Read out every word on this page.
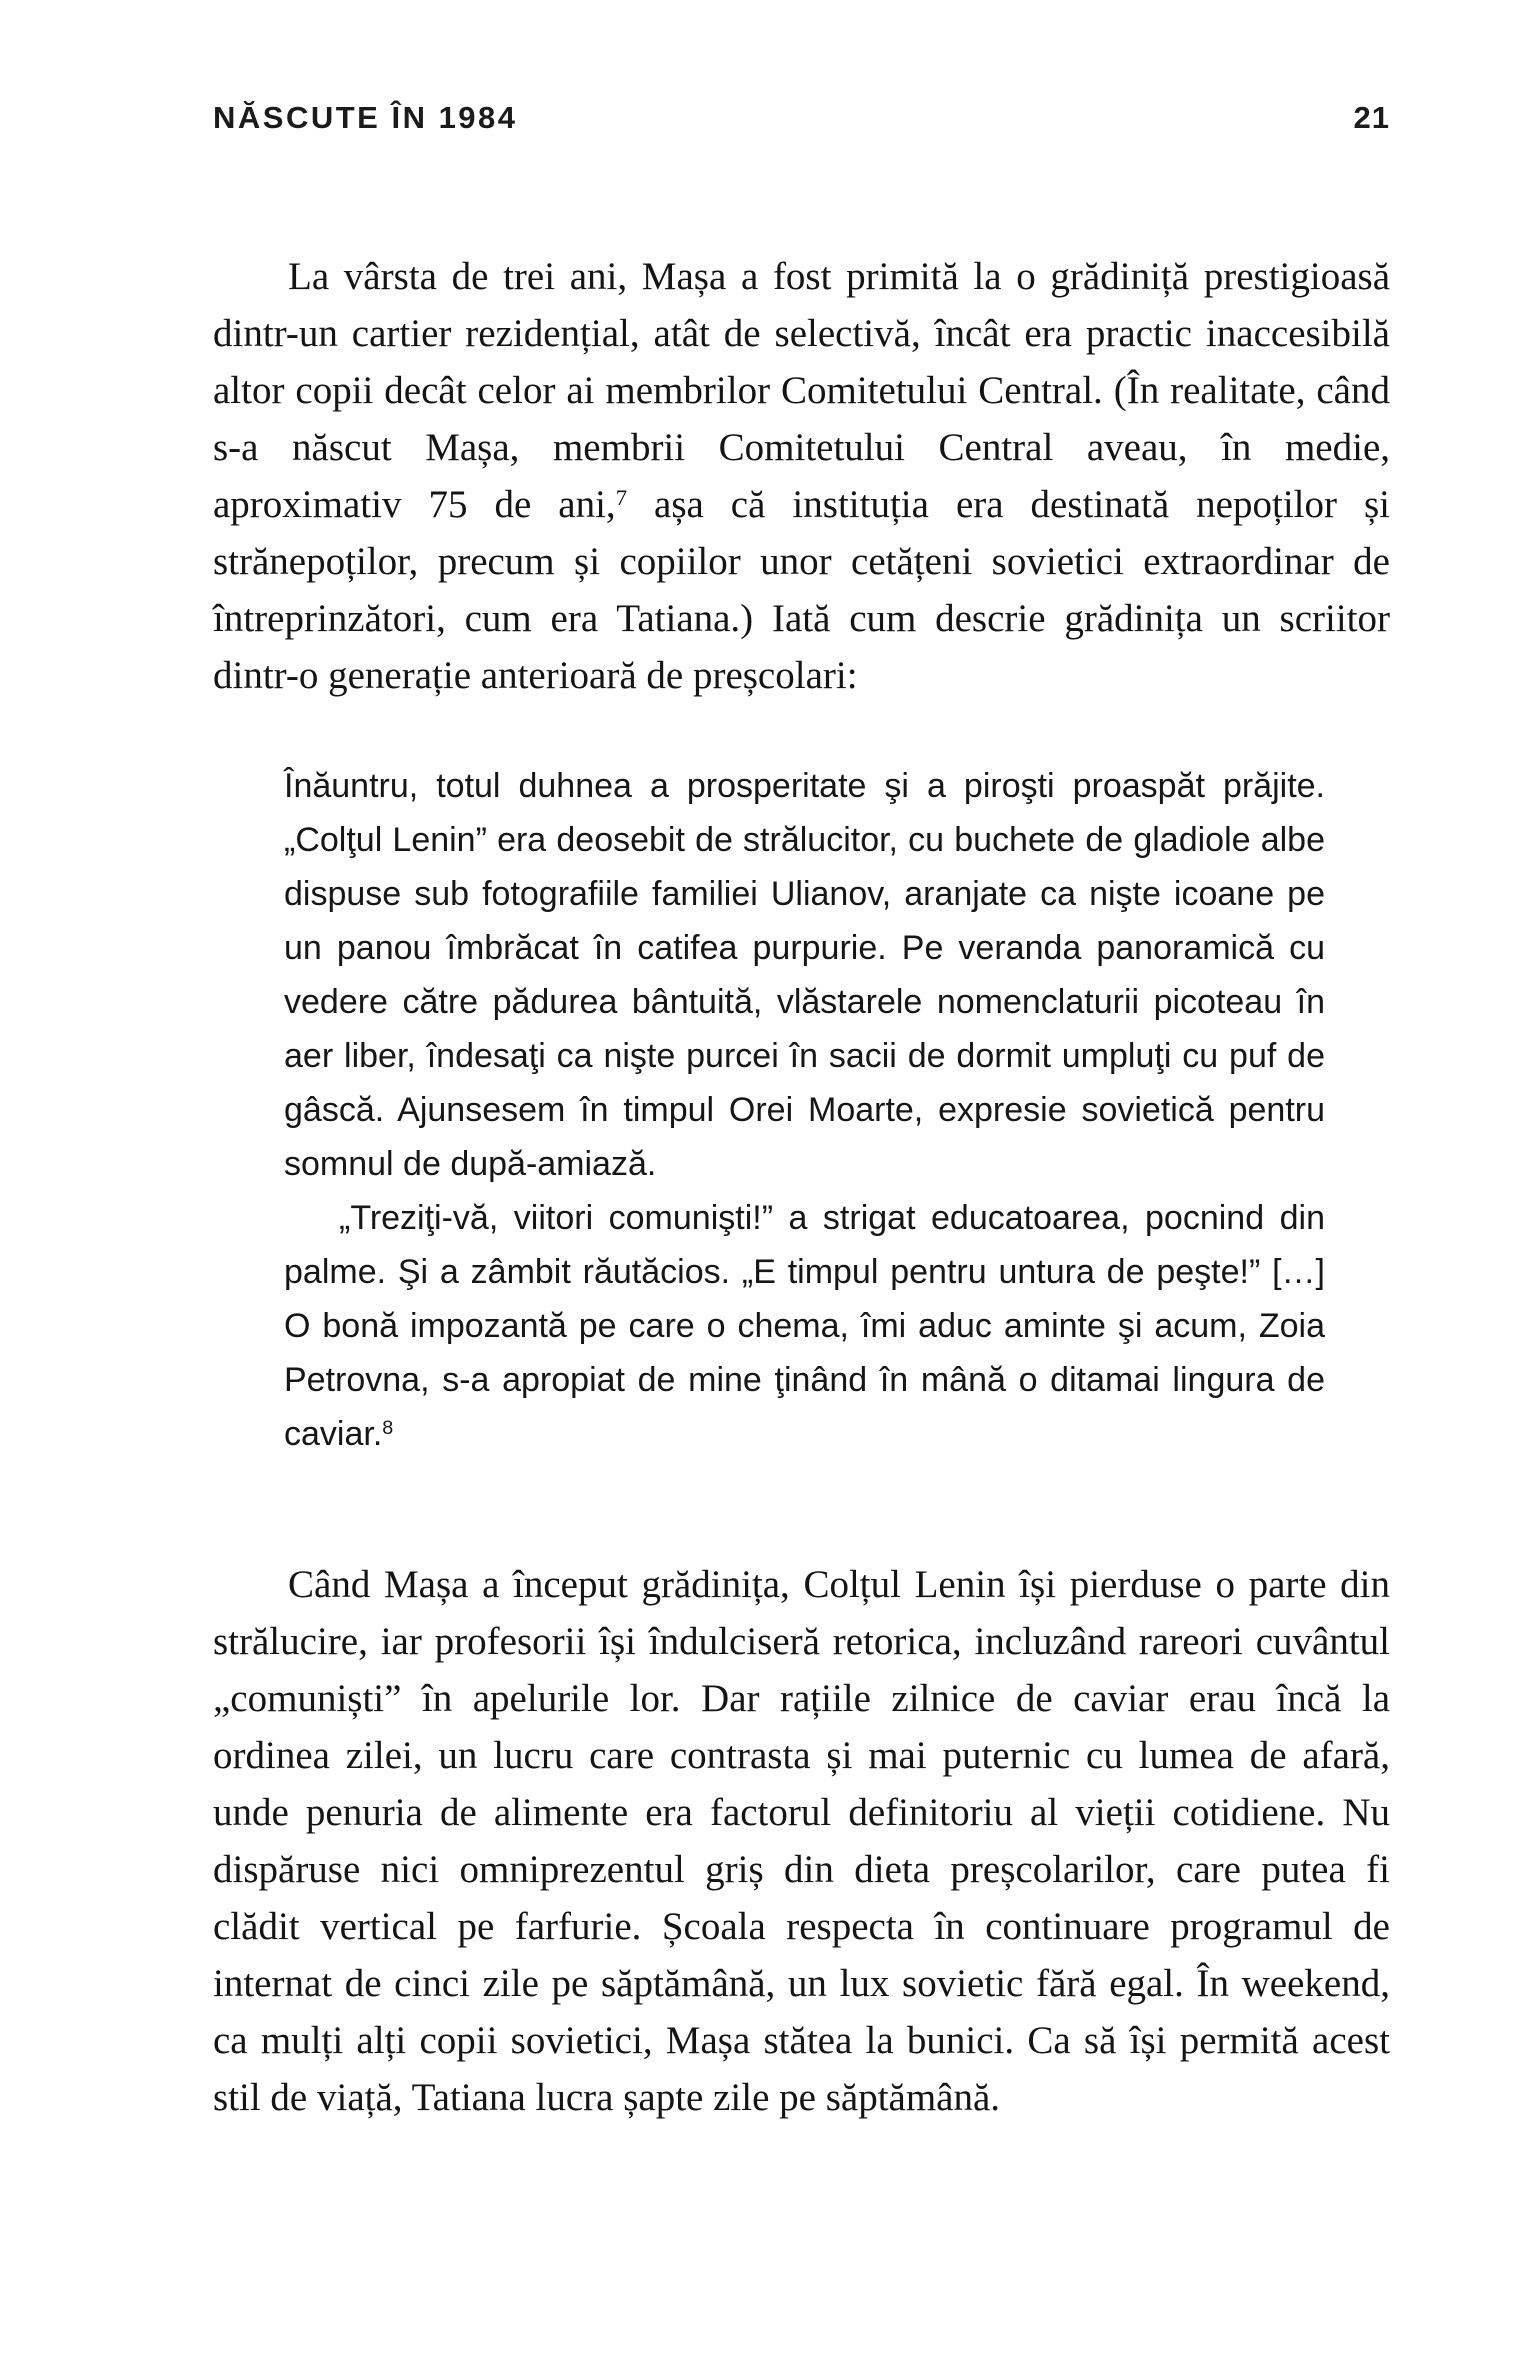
NĂSCUTE ÎN 1984	21

La vârsta de trei ani, Mașa a fost primită la o grădiniță prestigioasă dintr-un cartier rezidențial, atât de selectivă, încât era practic inaccesibilă altor copii decât celor ai membrilor Comitetului Central. (În realitate, când s-a născut Mașa, membrii Comitetului Central aveau, în medie, aproximativ 75 de ani,$^7$ așa că instituția era destinată nepoților și strănepoților, precum și copiilor unor cetățeni sovietici extraordinar de întreprinzători, cum era Tatiana.) Iată cum descrie grădinița un scriitor dintr-o generație anterioară de preșcolari:

Înăuntru, totul duhnea a prosperitate şi a piroşti proaspăt prăjite. „Colţul Lenin” era deosebit de strălucitor, cu buchete de gladiole albe dispuse sub fotografiile familiei Ulianov, aranjate ca nişte icoane pe un panou îmbrăcat în catifea purpurie. Pe veranda panoramică cu vedere către pădurea bântuită, vlăstarele nomenclaturii picoteau în aer liber, îndesaţi ca nişte purcei în sacii de dormit umpluţi cu puf de gâscă. Ajunsesem în timpul Orei Moarte, expresie sovietică pentru somnul de după-amiază.

„Treziţi-vă, viitori comunişti!” a strigat educatoarea, pocnind din palme. Şi a zâmbit răutăcios. „E timpul pentru untura de peşte!” […] O bonă impozantă pe care o chema, îmi aduc aminte şi acum, Zoia Petrovna, s-a apropiat de mine ţinând în mână o ditamai lingura de caviar.$^8$

Când Mașa a început grădinița, Colțul Lenin își pierduse o parte din strălucire, iar profesorii își îndulciseră retorica, incluzând rareori cuvântul „comuniști” în apelurile lor. Dar rațiile zilnice de caviar erau încă la ordinea zilei, un lucru care contrasta și mai puternic cu lumea de afară, unde penuria de alimente era factorul definitoriu al vieții cotidiene. Nu dispăruse nici omniprezentul griș din dieta preșcolarilor, care putea fi clădit vertical pe farfurie. Școala respecta în continuare programul de internat de cinci zile pe săptămână, un lux sovietic fără egal. În weekend, ca mulți alți copii sovietici, Mașa stătea la bunici. Ca să își permită acest stil de viață, Tatiana lucra șapte zile pe săptămână.
